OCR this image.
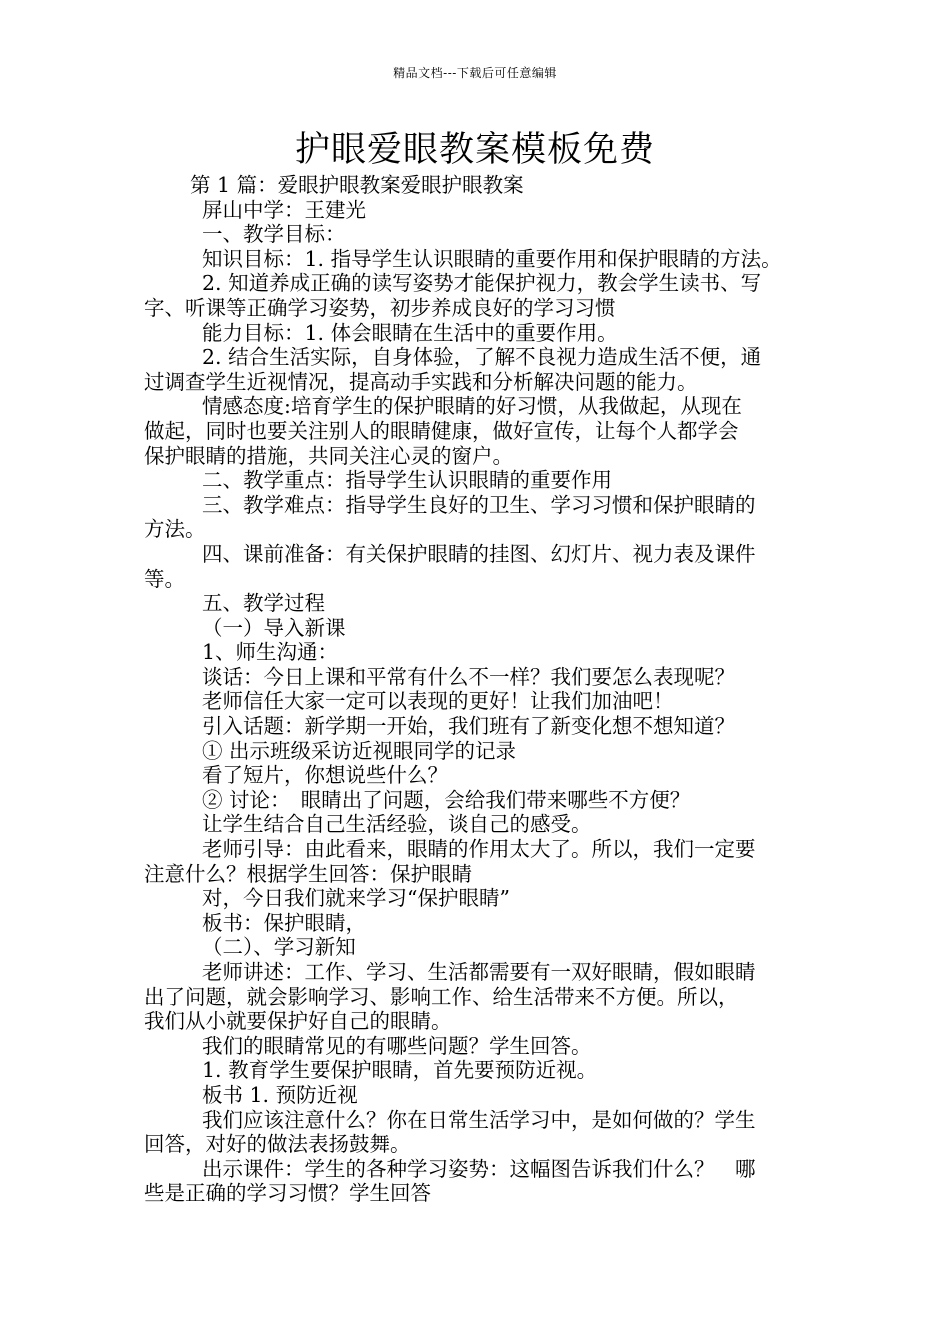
精品文档---下载后可任意编辑
护眼爱眼教案模板免费
第 1 篇：爱眼护眼教案爱眼护眼教案
屏山中学：王建光
一、教学目标：
知识目标：1. 指导学生认识眼睛的重要作用和保护眼睛的方法。
2. 知道养成正确的读写姿势才能保护视力，教会学生读书、写
字、听课等正确学习姿势，初步养成良好的学习习惯
能力目标：1. 体会眼睛在生活中的重要作用。
2. 结合生活实际，自身体验，了解不良视力造成生活不便，通
过调查学生近视情况，提高动手实践和分析解决问题的能力。
情感态度:培育学生的保护眼睛的好习惯，从我做起，从现在
做起，同时也要关注别人的眼睛健康，做好宣传，让每个人都学会
保护眼睛的措施，共同关注心灵的窗户。
二、教学重点：指导学生认识眼睛的重要作用
三、教学难点：指导学生良好的卫生、学习习惯和保护眼睛的
方法。
四、课前准备：有关保护眼睛的挂图、幻灯片、视力表及课件
等。
五、教学过程
（一）导入新课
1、师生沟通：
谈话：今日上课和平常有什么不一样？我们要怎么表现呢？
老师信任大家一定可以表现的更好！让我们加油吧！
引入话题：新学期一开始，我们班有了新变化想不想知道？
① 出示班级采访近视眼同学的记录
看了短片，你想说些什么？
② 讨论：　眼睛出了问题，会给我们带来哪些不方便？
让学生结合自己生活经验，谈自己的感受。
老师引导：由此看来，眼睛的作用太大了。所以，我们一定要
注意什么？根据学生回答：保护眼睛
对，今日我们就来学习“保护眼睛”
板书：保护眼睛，
（二）、学习新知
老师讲述：工作、学习、生活都需要有一双好眼睛，假如眼睛
出了问题，就会影响学习、影响工作、给生活带来不方便。所以，
我们从小就要保护好自己的眼睛。
我们的眼睛常见的有哪些问题？学生回答。
1. 教育学生要保护眼睛，首先要预防近视。
板书 1. 预防近视
我们应该注意什么？你在日常生活学习中，是如何做的？学生
回答，对好的做法表扬鼓舞。
出示课件：学生的各种学习姿势：这幅图告诉我们什么？　哪
些是正确的学习习惯？学生回答
